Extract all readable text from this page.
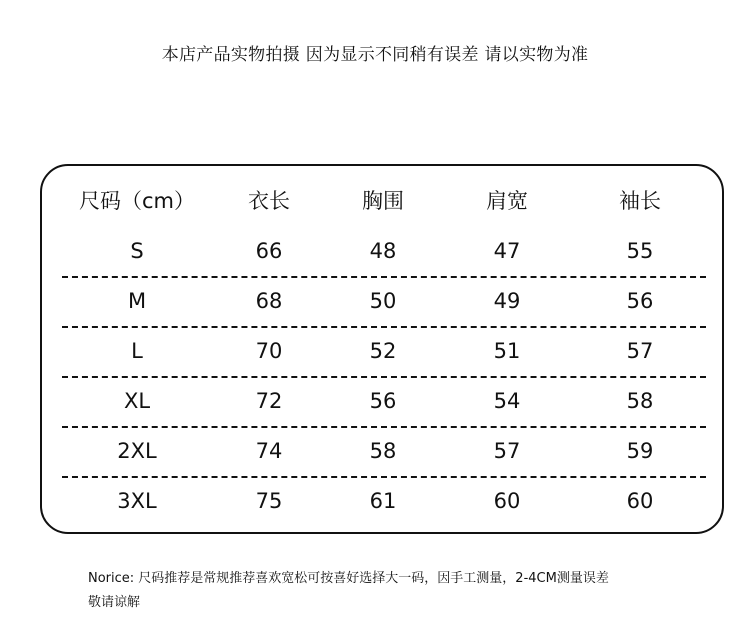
本店产品实物拍摄 因为显示不同稍有误差 请以实物为准
尺码（cm）	衣长	胸围	肩宽	袖长
S	66	48	47	55
M	68	50	49	56
L	70	52	51	57
XL	72	56	54	58
2XL	74	58	57	59
3XL	75	61	60	60
Norice: 尺码推荐是常规推荐喜欢宽松可按喜好选择大一码，因手工测量，2-4CM测量误差
敬请谅解
